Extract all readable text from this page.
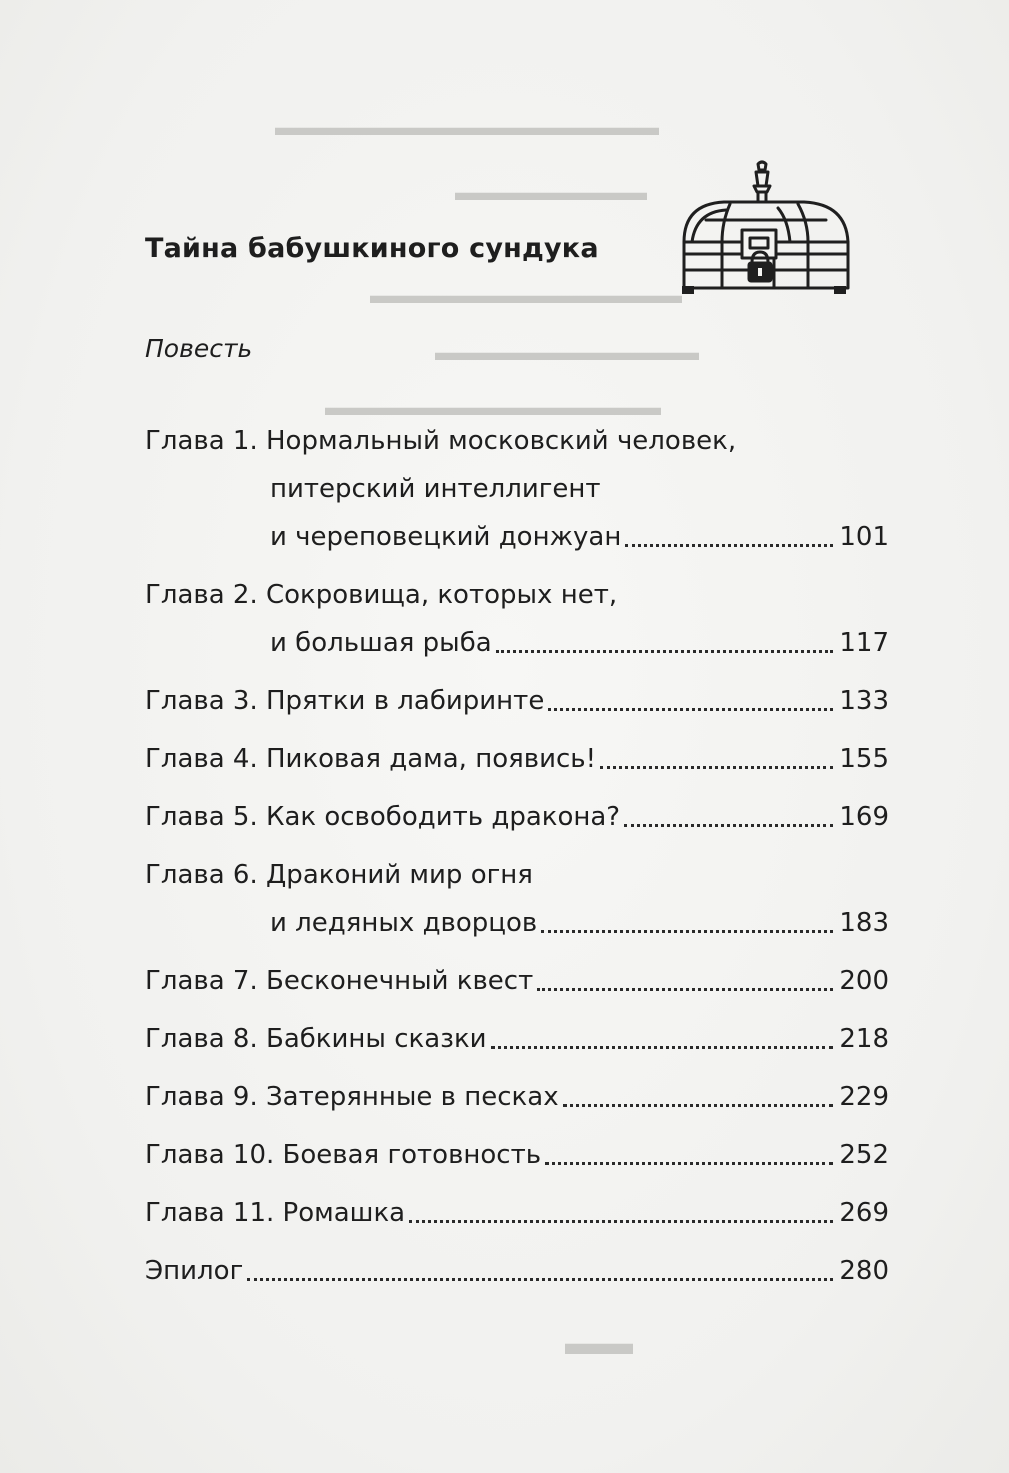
▬▬▬▬▬▬▬▬▬▬▬▬▬▬▬▬
▬▬▬▬▬▬▬▬
▬▬▬▬▬▬▬▬▬▬▬▬▬
▬▬▬▬▬▬▬▬▬▬▬
▬▬▬▬▬▬▬▬▬▬▬▬▬▬
▬▬
Тайна бабушкиного сундука
Повесть
Глава 1. Нормальный московский человек,
питерский интеллигент
и череповецкий донжуан	101
Глава 2. Сокровища, которых нет,
и большая рыба	117
Глава 3. Прятки в лабиринте	133
Глава 4. Пиковая дама, появись!	155
Глава 5. Как освободить дракона?	169
Глава 6. Драконий мир огня
и ледяных дворцов	183
Глава 7. Бесконечный квест	200
Глава 8. Бабкины сказки	218
Глава 9. Затерянные в песках	229
Глава 10. Боевая готовность	252
Глава 11. Ромашка	269
Эпилог	280
